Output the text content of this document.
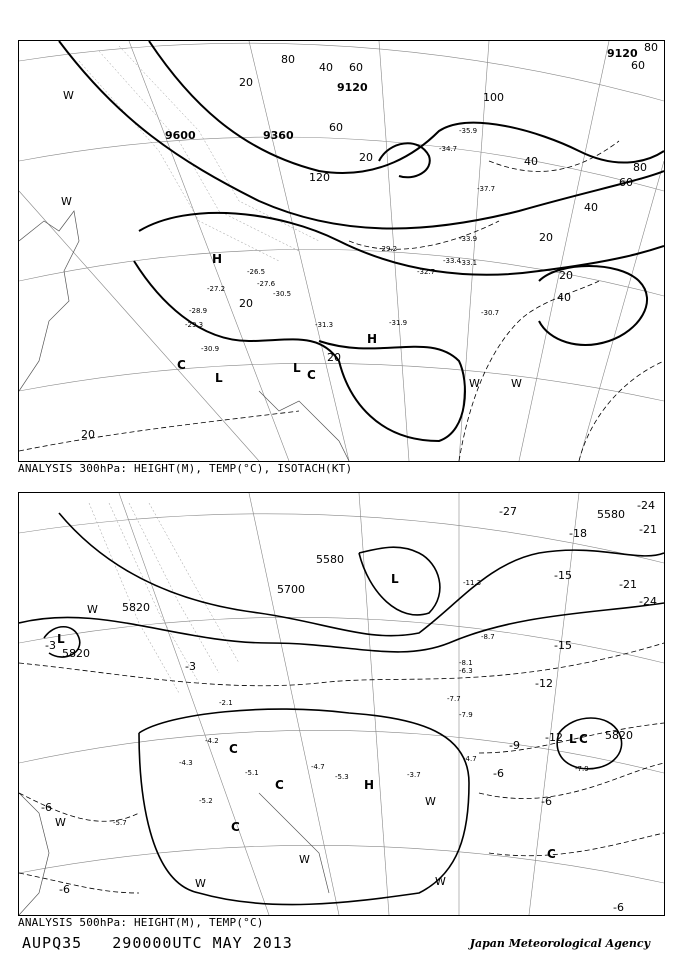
9600	9360
9120
9120
80
60
40
20
100
120
40
60
80
60
40
20
20
40
60
80
20
20
20
20
H
H
L
L
C
C
W
W
W	W
-27.2
-28.9
-29.3
-30.9
-31.3	-31.9
-30.7
-33.1
-33.9
-34.7
-35.9
-32.7
-29.2
-30.5
-37.7
-33.4
-26.5
-27.6
ANALYSIS 300hPa: HEIGHT(M), TEMP(°C), ISOTACH(KT)
5820
5820
5580
5580
5700
5820
-27	-24
-21
-18
-15
-12
-9
-6
-3
-3
-15
-21
-24
-12
-6
-6
-6
-6
L
L
L
H
C
C
C
C
C
W
W
W
W
W
W
-4.2
-5.3	-3.7
-4.7
-5.1
-4.3
-5.2
-5.7
-7.9
-7.7
-8.1
-6.3
-7.9
-11.3
-8.7
-2.1
-4.7
ANALYSIS 500hPa: HEIGHT(M), TEMP(°C)
AUPQ35 290000UTC MAY 2013	Japan Meteorological Agency
